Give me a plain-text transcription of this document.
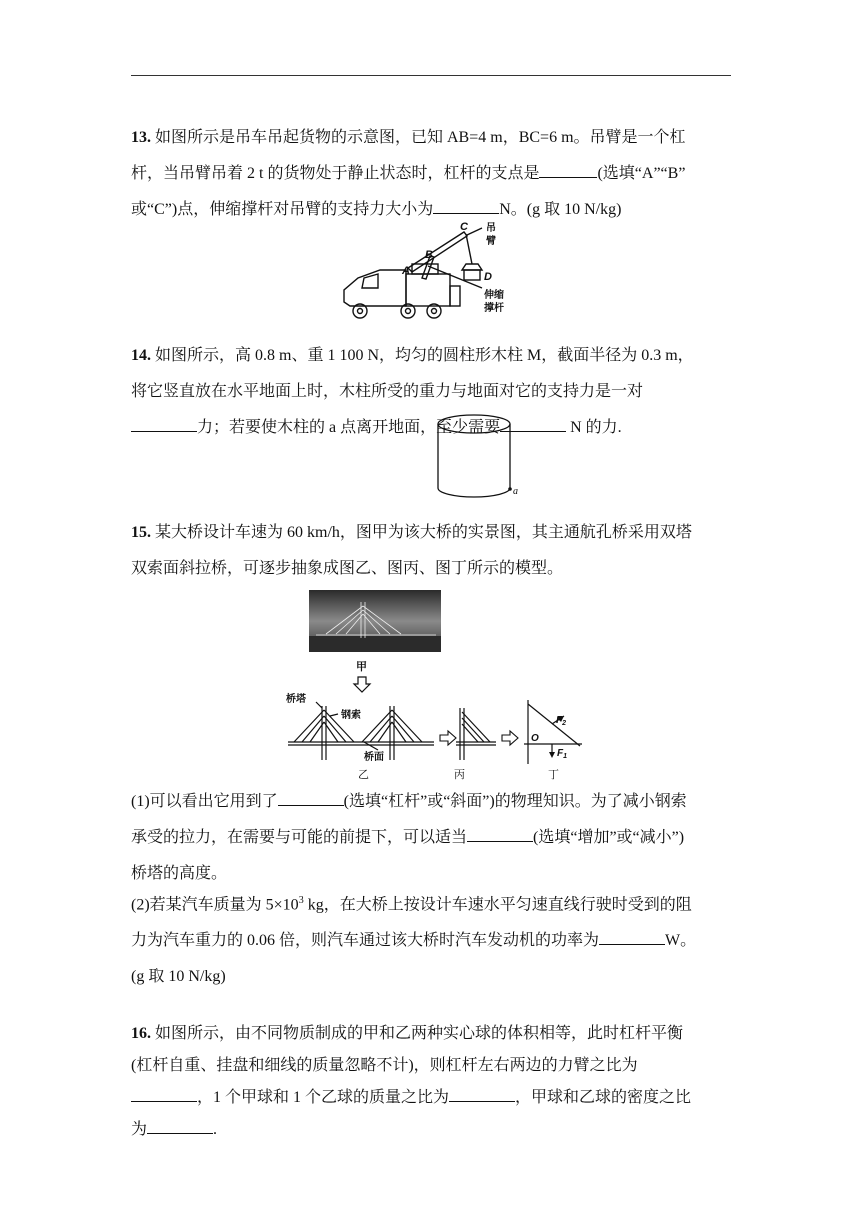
13. 如图所示是吊车吊起货物的示意图，已知 AB=4 m，BC=6 m。吊臂是一个杠

杆，当吊臂吊着 2 t 的货物处于静止状态时，杠杆的支点是	(选填“A”“B”

或“C”)点，伸缩撑杆对吊臂的支持力大小为	N。(g 取 10 N/kg)

C
B
A	D
吊
臂
伸缩
撑杆

14. 如图所示，高 0.8 m、重 1 100 N，均匀的圆柱形木柱 M，截面半径为 0.3 m，

将它竖直放在水平地面上时，木柱所受的重力与地面对它的支持力是一对

力；若要使木柱的 a 点离开地面，至少需要	N 的力.

a

15. 某大桥设计车速为 60 km/h，图甲为该大桥的实景图，其主通航孔桥采用双塔

双索面斜拉桥，可逐步抽象成图乙、图丙、图丁所示的模型。

甲
桥塔
钢索
桥面
乙	丙
O
$F_2$
$F_1$
丁

(1)可以看出它用到了	(选填“杠杆”或“斜面”)的物理知识。为了减小钢索

承受的拉力，在需要与可能的前提下，可以适当	(选填“增加”或“减小”)

桥塔的高度。

(2)若某汽车质量为 $5\times 10^3$ kg，在大桥上按设计车速水平匀速直线行驶时受到的阻

力为汽车重力的 0.06 倍，则汽车通过该大桥时汽车发动机的功率为	W。

(g 取 10 N/kg)

16. 如图所示，由不同物质制成的甲和乙两种实心球的体积相等，此时杠杆平衡

(杠杆自重、挂盘和细线的质量忽略不计)，则杠杆左右两边的力臂之比为

，1 个甲球和 1 个乙球的质量之比为	，甲球和乙球的密度之比

为	.
